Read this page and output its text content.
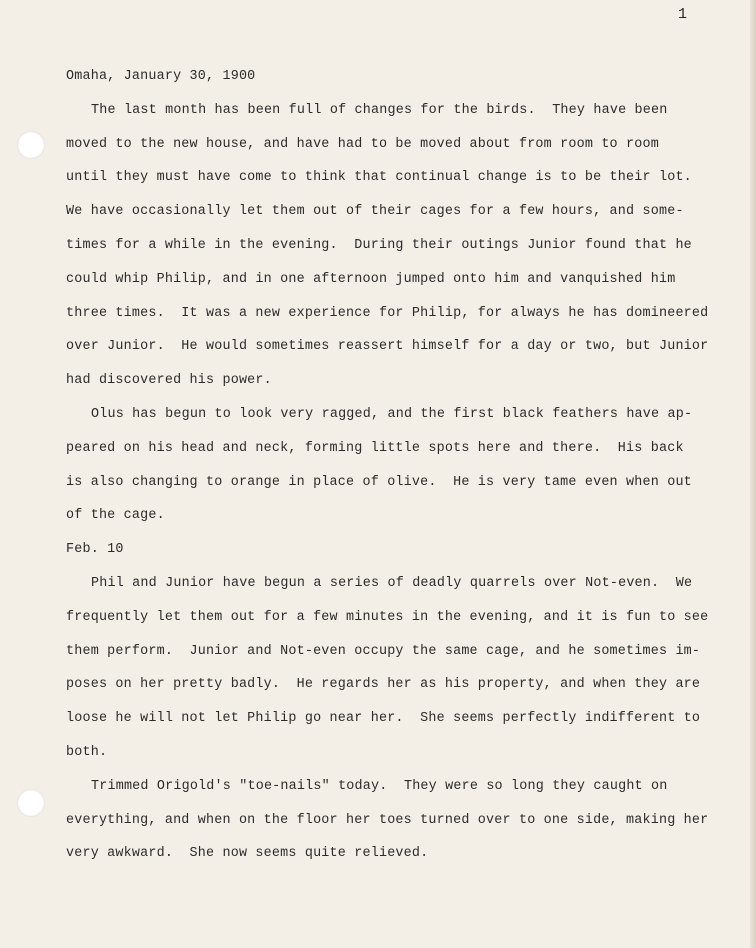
1
Omaha, January 30, 1900
The last month has been full of changes for the birds.  They have been
moved to the new house, and have had to be moved about from room to room
until they must have come to think that continual change is to be their lot.
We have occasionally let them out of their cages for a few hours, and some-
times for a while in the evening.  During their outings Junior found that he
could whip Philip, and in one afternoon jumped onto him and vanquished him
three times.  It was a new experience for Philip, for always he has domineered
over Junior.  He would sometimes reassert himself for a day or two, but Junior
had discovered his power.
Olus has begun to look very ragged, and the first black feathers have ap-
peared on his head and neck, forming little spots here and there.  His back
is also changing to orange in place of olive.  He is very tame even when out
of the cage.
Feb. 10
Phil and Junior have begun a series of deadly quarrels over Not-even.  We
frequently let them out for a few minutes in the evening, and it is fun to see
them perform.  Junior and Not-even occupy the same cage, and he sometimes im-
poses on her pretty badly.  He regards her as his property, and when they are
loose he will not let Philip go near her.  She seems perfectly indifferent to
both.
Trimmed Origold's "toe-nails" today.  They were so long they caught on
everything, and when on the floor her toes turned over to one side, making her
very awkward.  She now seems quite relieved.
